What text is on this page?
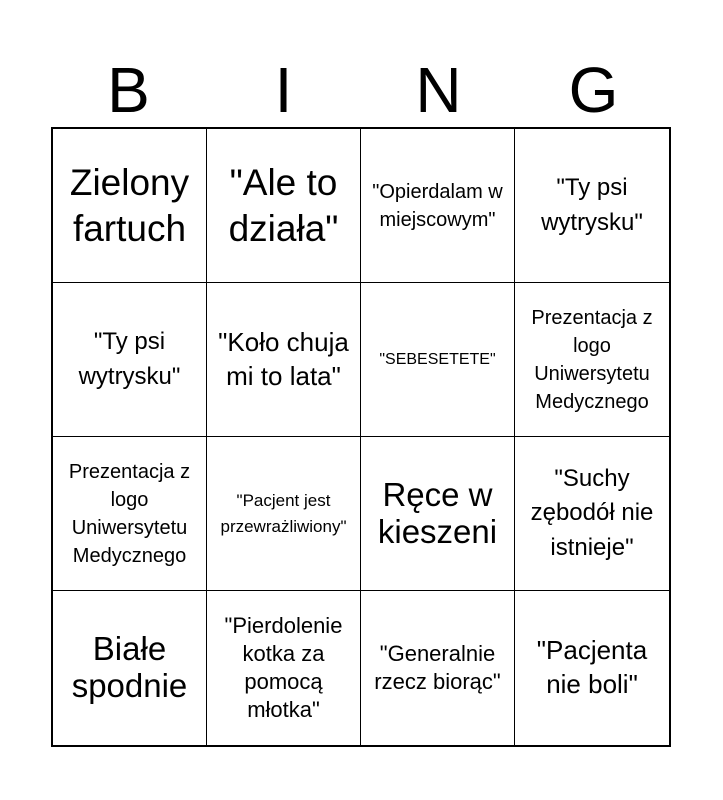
B	I	N	G
Zielony fartuch
"Ale to działa"
"Opierdalam w miejscowym"
"Ty psi wytrysku"
"Ty psi wytrysku"
"Koło chuja mi to lata"
"SEBESETETE"
Prezentacja z logo Uniwersytetu Medycznego
Prezentacja z logo Uniwersytetu Medycznego
"Pacjent jest przewrażliwiony"
Ręce w kieszeni
"Suchy zębodół nie istnieje"
Białe spodnie
"Pierdolenie kotka za pomocą młotka"
"Generalnie rzecz biorąc"
"Pacjenta nie boli"
